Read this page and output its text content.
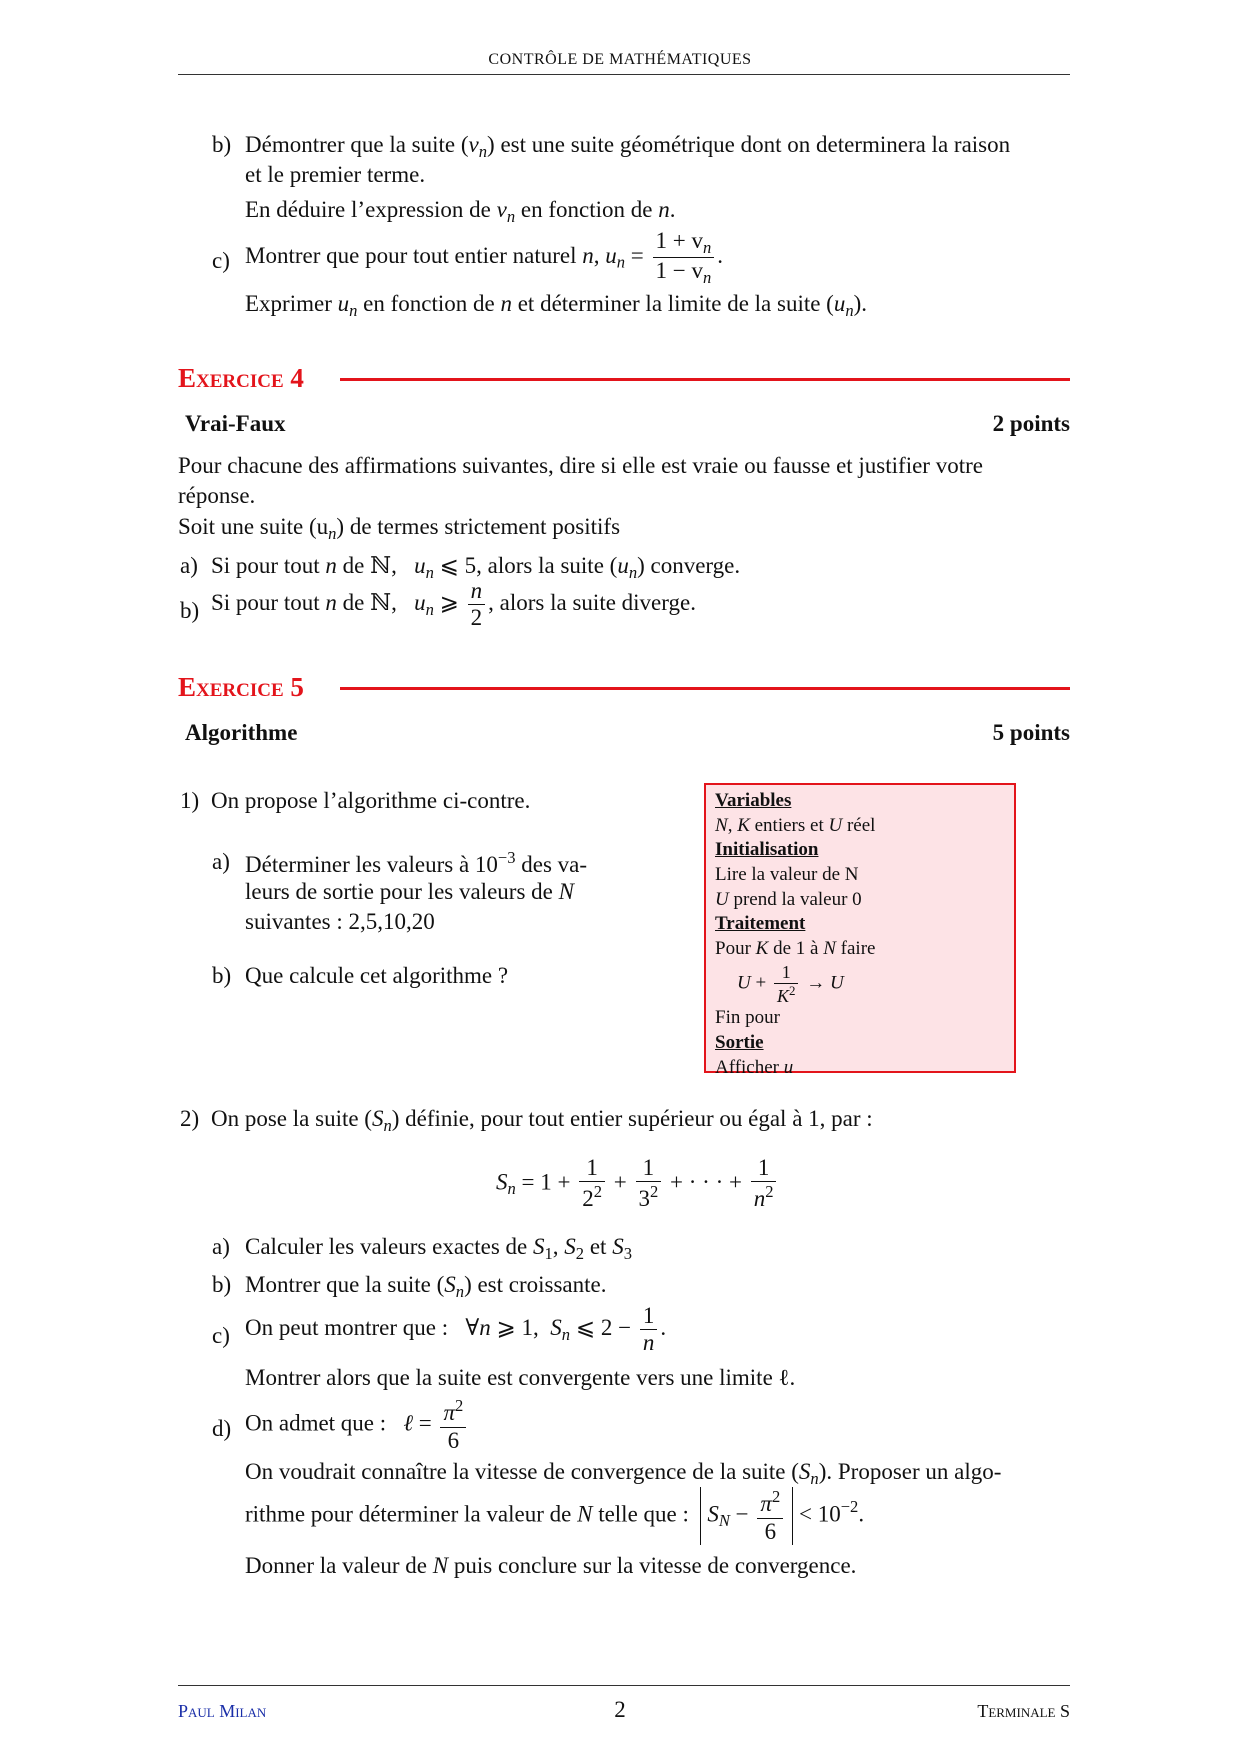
CONTRÔLE DE MATHÉMATIQUES
b) Démontrer que la suite $(v_n)$ est une suite géométrique dont on determinera la raison
et le premier terme.
En déduire l’expression de $v_n$ en fonction de n.
c) Montrer que pour tout entier naturel n, $u_n = \frac{1 + v_n}{1 - v_n}$ .
Exprimer $u_n$ en fonction de n et déterminer la limite de la suite $(u_n)$.
Exercice 4
Vrai-Faux	2 points
Pour chacune des affirmations suivantes, dire si elle est vraie ou fausse et justifier votre
réponse.
Soit une suite $(u_n)$ de termes strictement positifs
a) Si pour tout n de ℕ, $u_n$ ⩽ 5, alors la suite $(u_n)$ converge.
b) Si pour tout n de ℕ, $u_n$ ⩾ $\frac{n}{2}$ , alors la suite diverge.
Exercice 5
Algorithme	5 points
1) On propose l’algorithme ci-contre.
a) Déterminer les valeurs à $10^{-3}$ des va-
leurs de sortie pour les valeurs de N
suivantes : 2,5,10,20
b) Que calcule cet algorithme ?
Variables
N, K entiers et U réel
Initialisation
Lire la valeur de N
U prend la valeur 0
Traitement
Pour K de 1 à N faire
$U + \frac{1}{K^2} \to U$
Fin pour
Sortie
Afficher u
2) On pose la suite $(S_n)$ définie, pour tout entier supérieur ou égal à 1, par :
$S_n = 1 + \frac{1}{2^2} + \frac{1}{3^2}$ + · · · + $\frac{1}{n^2}$
a) Calculer les valeurs exactes de $S_1$, $S_2$ et $S_3$
b) Montrer que la suite $(S_n)$ est croissante.
c) On peut montrer que :   ∀n ⩾ 1,  $S_n$ ⩽ $2 - \frac{1}{n}$ .
Montrer alors que la suite est convergente vers une limite ℓ.
d) On admet que : ℓ = $\frac{\pi^2}{6}$
On voudrait connaître la vitesse de convergence de la suite $(S_n)$. Proposer un algo-
rithme pour déterminer la valeur de N telle que : $S_N - \frac{\pi^2}{6} < 10^{-2}$.
Donner la valeur de N puis conclure sur la vitesse de convergence.
Paul Milan	2	Terminale S
